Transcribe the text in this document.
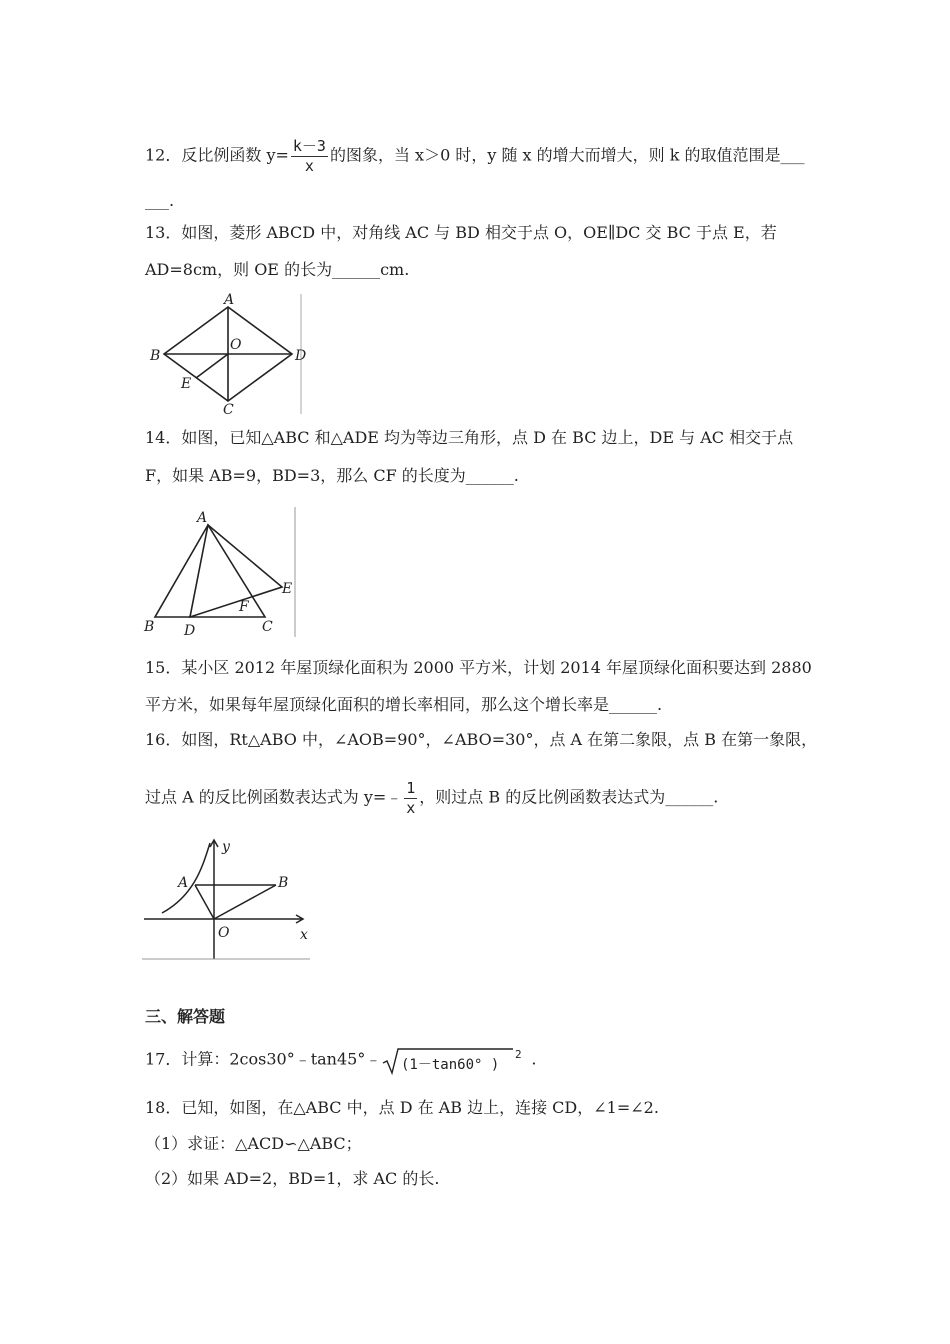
12．反比例函数 $y= \frac{k-3}{x}$ 的图象，当 x＞0 时，y 随 x 的增大而增大，则 k 的取值范围是___
___.
13．如图，菱形 ABCD 中，对角线 AC 与 BD 相交于点 O，OE∥DC 交 BC 于点 E，若
AD=8cm，则 OE 的长为______cm.
A
B	D
O
E
C
14．如图，已知△ABC 和△ADE 均为等边三角形，点 D 在 BC 边上，DE 与 AC 相交于点
F，如果 AB=9，BD=3，那么 CF 的长度为______.
A
B D	C
E
F
15．某小区 2012 年屋顶绿化面积为 2000 平方米，计划 2014 年屋顶绿化面积要达到 2880
平方米，如果每年屋顶绿化面积的增长率相同，那么这个增长率是______.
16．如图，Rt△ABO 中，∠AOB=90°，∠ABO=30°，点 A 在第二象限，点 B 在第一象限，
过点 A 的反比例函数表达式为 y=﹣ $\frac{1}{x}$ ，则过点 B 的反比例函数表达式为______.
y
A	B
O	x
三、解答题
17．计算：2cos30°﹣tan45°﹣ (1－tan60° )
2 .
18．已知，如图，在△ABC 中，点 D 在 AB 边上，连接 CD，∠1=∠2.
（1）求证：△ACD∽△ABC；
（2）如果 AD=2，BD=1，求 AC 的长.
